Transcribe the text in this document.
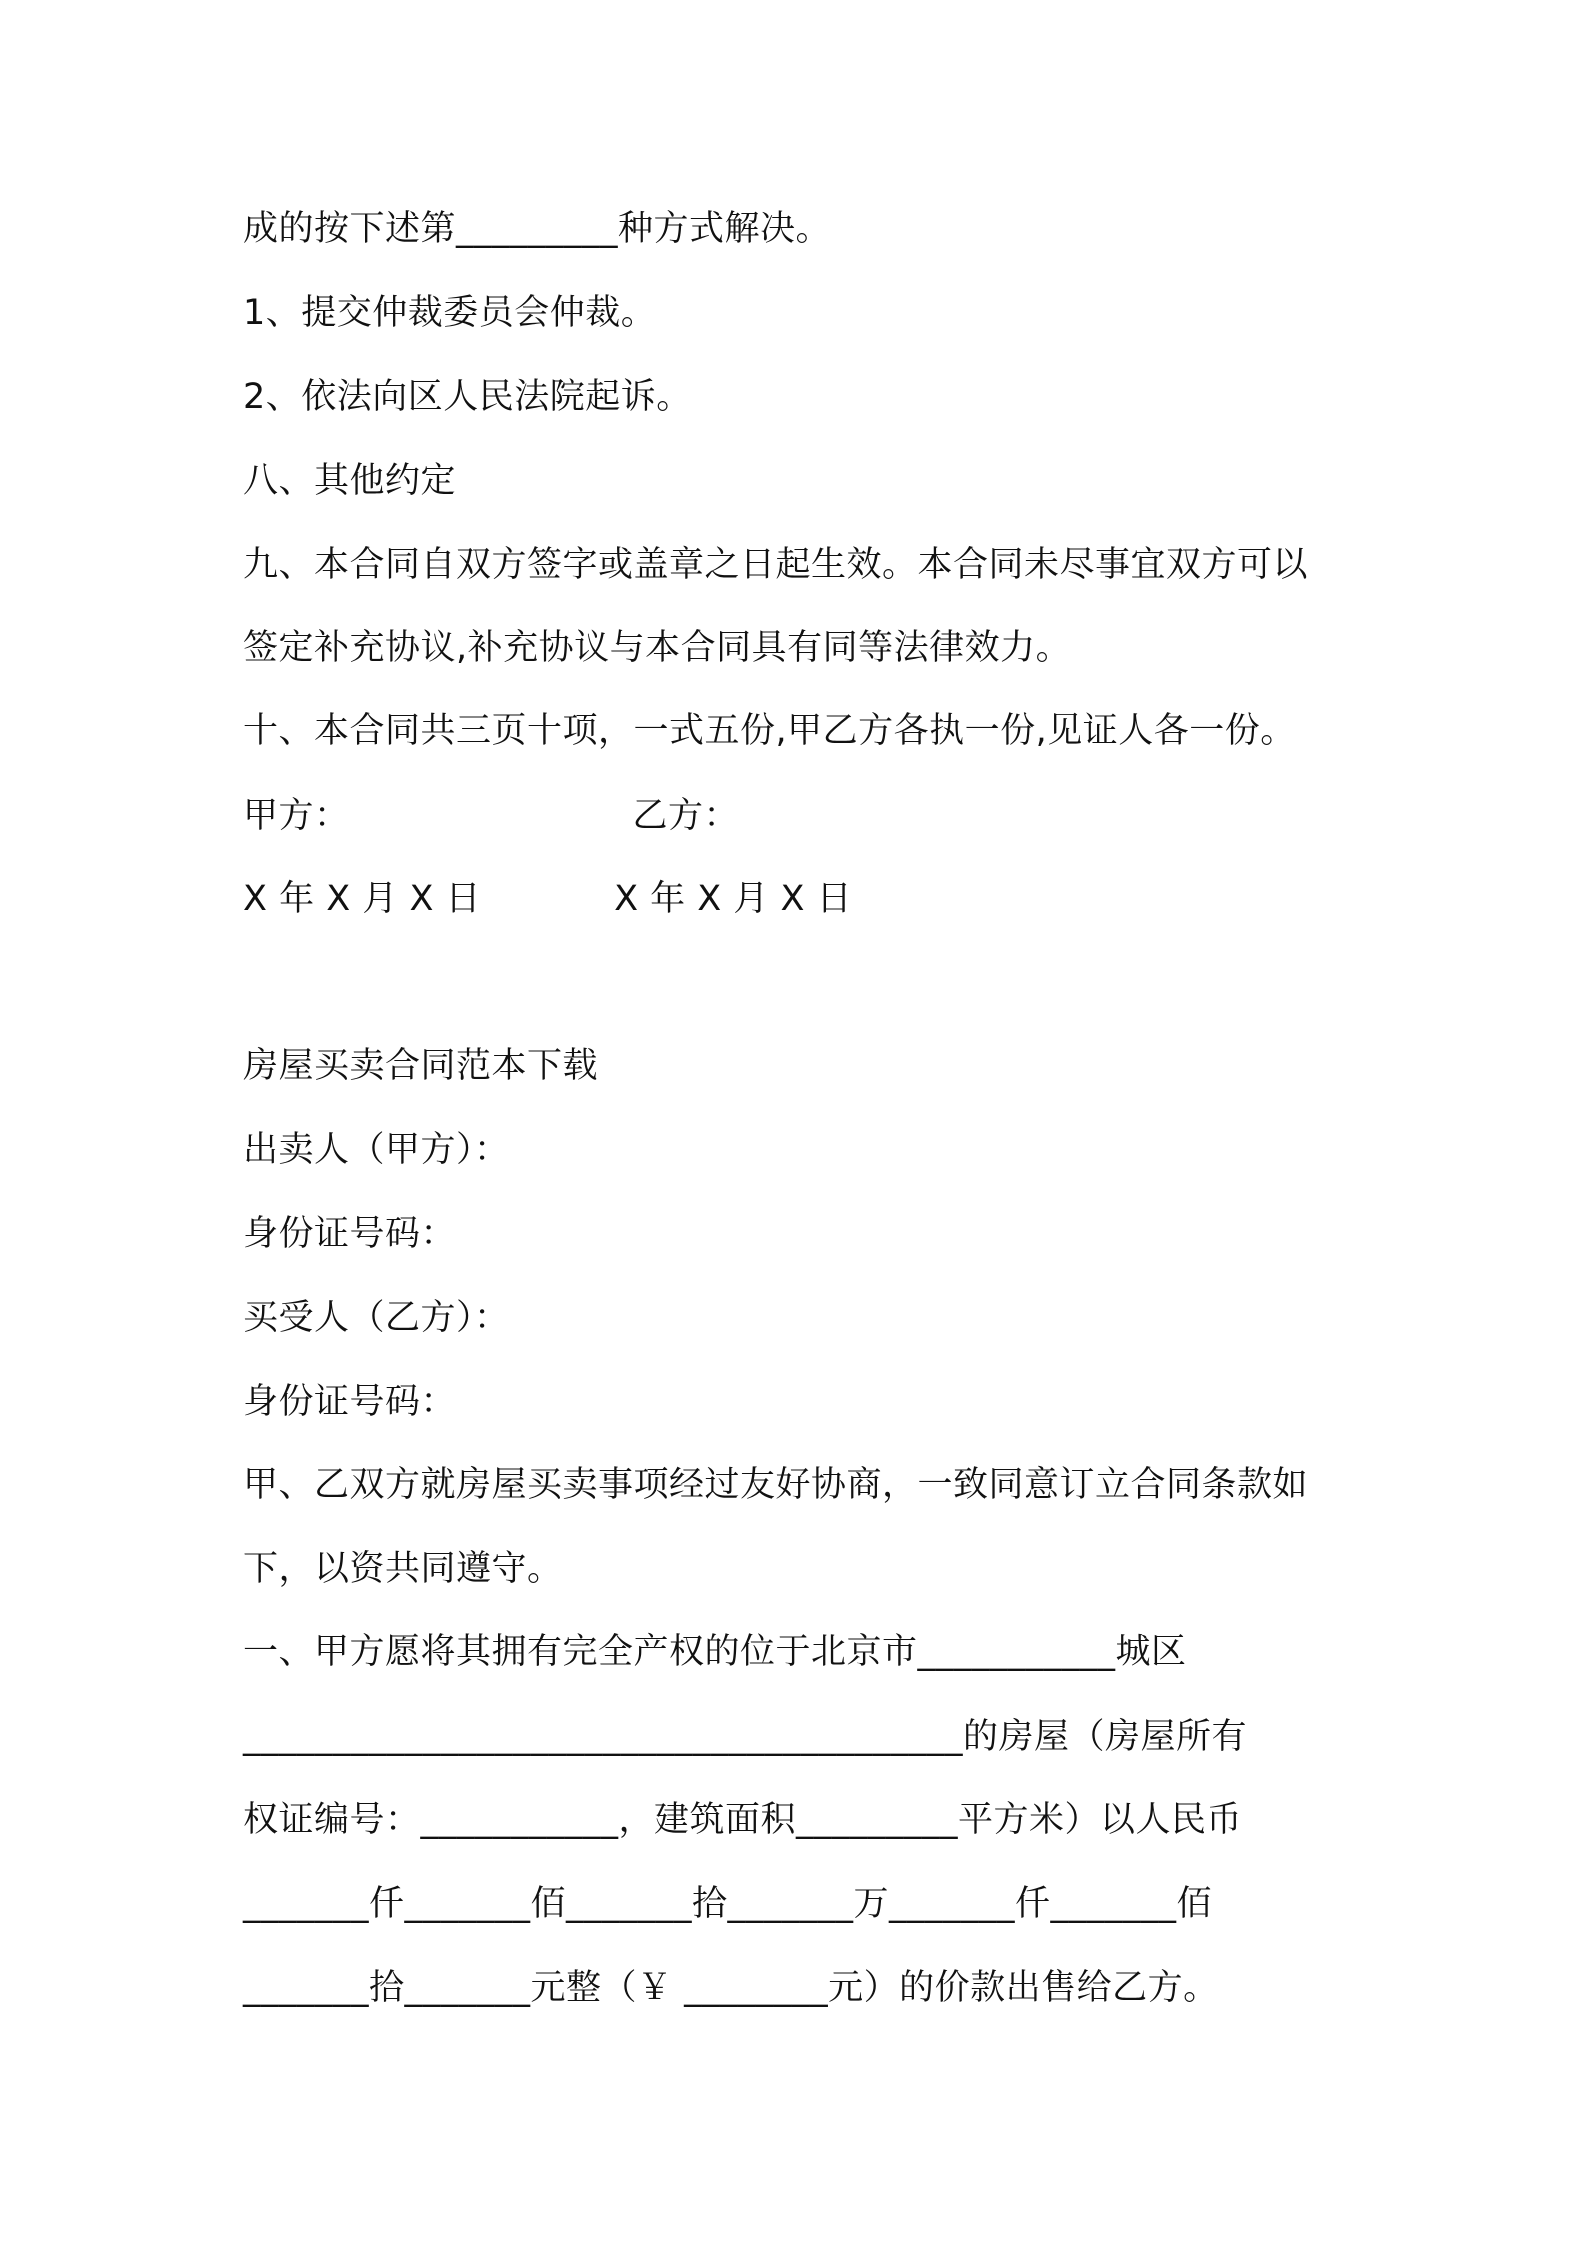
成的按下述第_________种方式解决。
1、提交仲裁委员会仲裁。
2、依法向区人民法院起诉。
八、其他约定
九、本合同自双方签字或盖章之日起生效。本合同未尽事宜双方可以
签定补充协议,补充协议与本合同具有同等法律效力。
十、本合同共三页十项，一式五份,甲乙方各执一份,见证人各一份。
甲方：	乙方：
X 年 X 月 X 日	X 年 X 月 X 日
房屋买卖合同范本下载
出卖人（甲方）：
身份证号码：
买受人（乙方）：
身份证号码：
甲、乙双方就房屋买卖事项经过友好协商，一致同意订立合同条款如
下，以资共同遵守。
一、甲方愿将其拥有完全产权的位于北京市___________城区
________________________________________的房屋（房屋所有
权证编号：___________，建筑面积_________平方米）以人民币
_______仟_______佰_______拾_______万_______仟_______佰
_______拾_______元整（￥ ________元）的价款出售给乙方。
